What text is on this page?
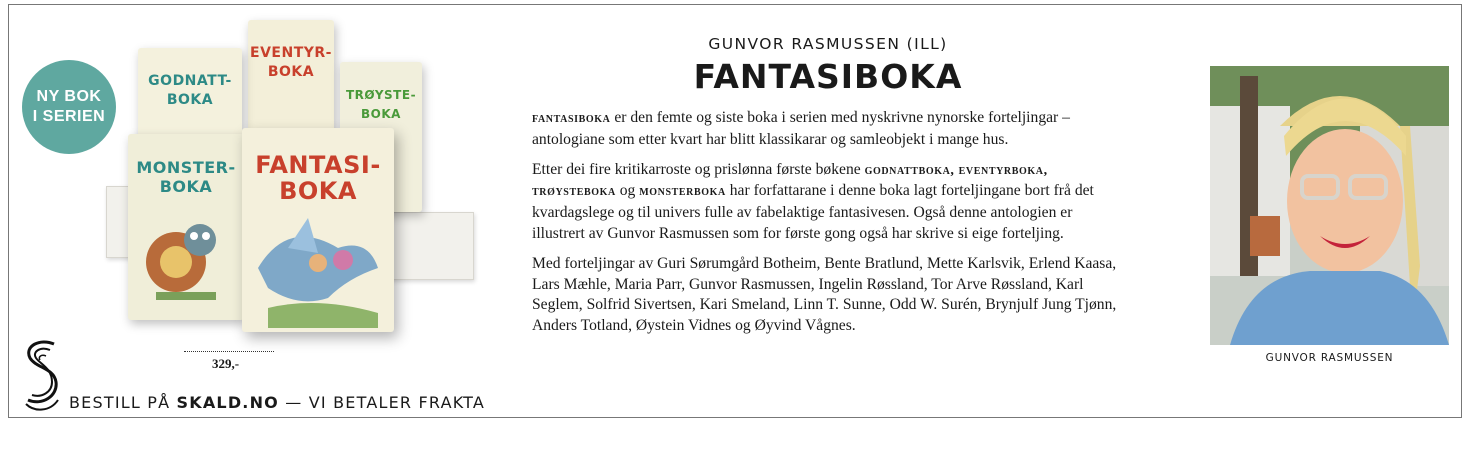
EVENTYR-
BOKA
TRØYSTE-
BOKA
GODNATT-
BOKA
MONSTER-
BOKA
FANTASI-
BOKA
NY BOK
I SERIEN
329,-
BESTILL PÅ SKALD.NO — VI BETALER FRAKTA
GUNVOR RASMUSSEN (ILL)
FANTASIBOKA

fantasiboka er den femte og siste boka i serien med nyskrivne nynorske forteljingar – antologiane som etter kvart har blitt klassikarar og samleobjekt i mange hus.

Etter dei fire kritikarroste og prislønna første bøkene godnattboka, eventyrboka, trøysteboka og monsterboka har forfattarane i denne boka lagt forteljingane bort frå det kvardagslege og til univers fulle av fabelaktige fantasivesen. Også denne antologien er illustrert av Gunvor Rasmussen som for første gong også har skrive si eige forteljing.

Med forteljingar av Guri Sørumgård Botheim, Bente Bratlund, Mette Karlsvik, Erlend Kaasa, Lars Mæhle, Maria Parr, Gunvor Rasmussen, Ingelin Røssland, Tor Arve Røssland, Karl Seglem, Solfrid Sivertsen, Kari Smeland, Linn T. Sunne, Odd W. Surén, Brynjulf Jung Tjønn, Anders Totland, Øystein Vidnes og Øyvind Vågnes.

GUNVOR RASMUSSEN
